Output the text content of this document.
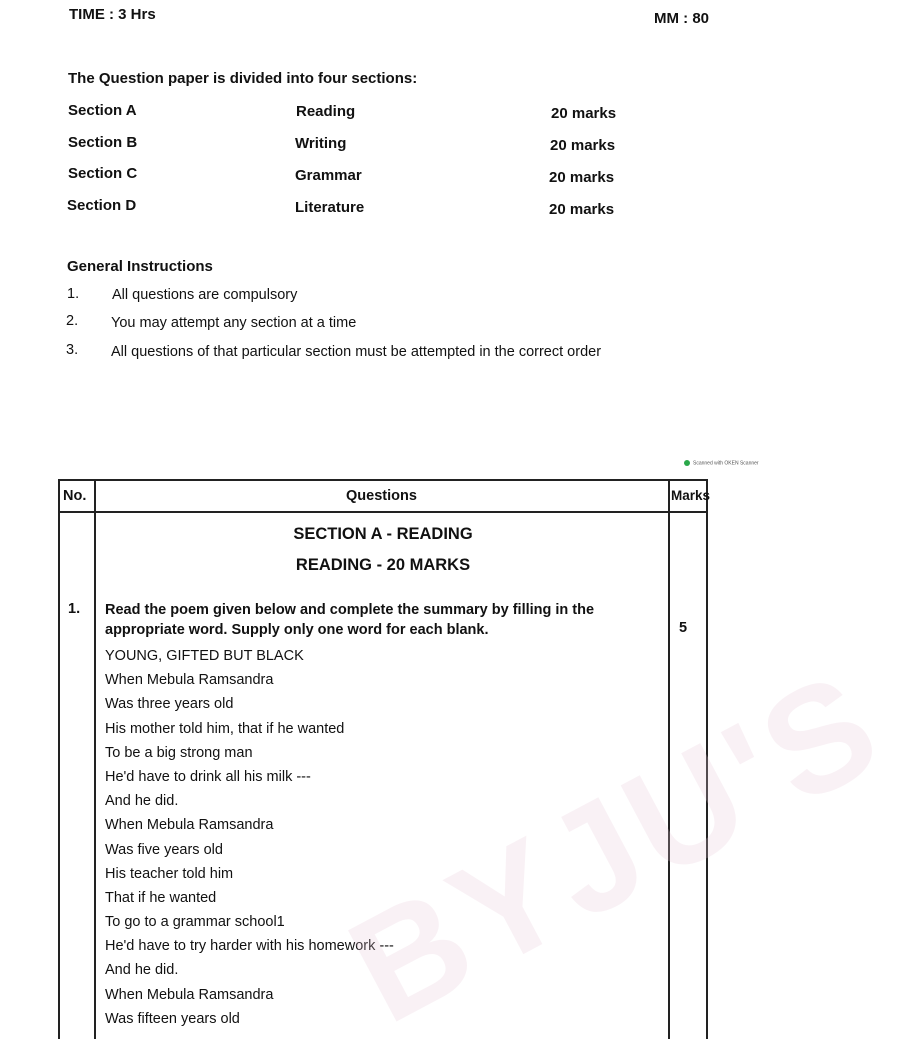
TIME : 3 Hrs	MM : 80
The Question paper is divided into four sections:
Section A	Reading	20 marks
Section B	Writing	20 marks
Section C	Grammar	20 marks
Section D	Literature	20 marks
General Instructions
1. All questions are compulsory
2. You may attempt any section at a time
3. All questions of that particular section must be attempted in the correct order
Scanned with OKEN Scanner
No.	Questions	Marks
SECTION A - READING
READING - 20 MARKS
1. Read the poem given below and complete the summary by filling in the appropriate word. Supply only one word for each blank.	5
YOUNG, GIFTED BUT BLACK
When Mebula Ramsandra
Was three years old
His mother told him, that if he wanted
To be a big strong man
He'd have to drink all his milk ---
And he did.
When Mebula Ramsandra
Was five years old
His teacher told him
That if he wanted
To go to a grammar school1
He'd have to try harder with his homework ---
And he did.
When Mebula Ramsandra
Was fifteen years old BYJU'S
